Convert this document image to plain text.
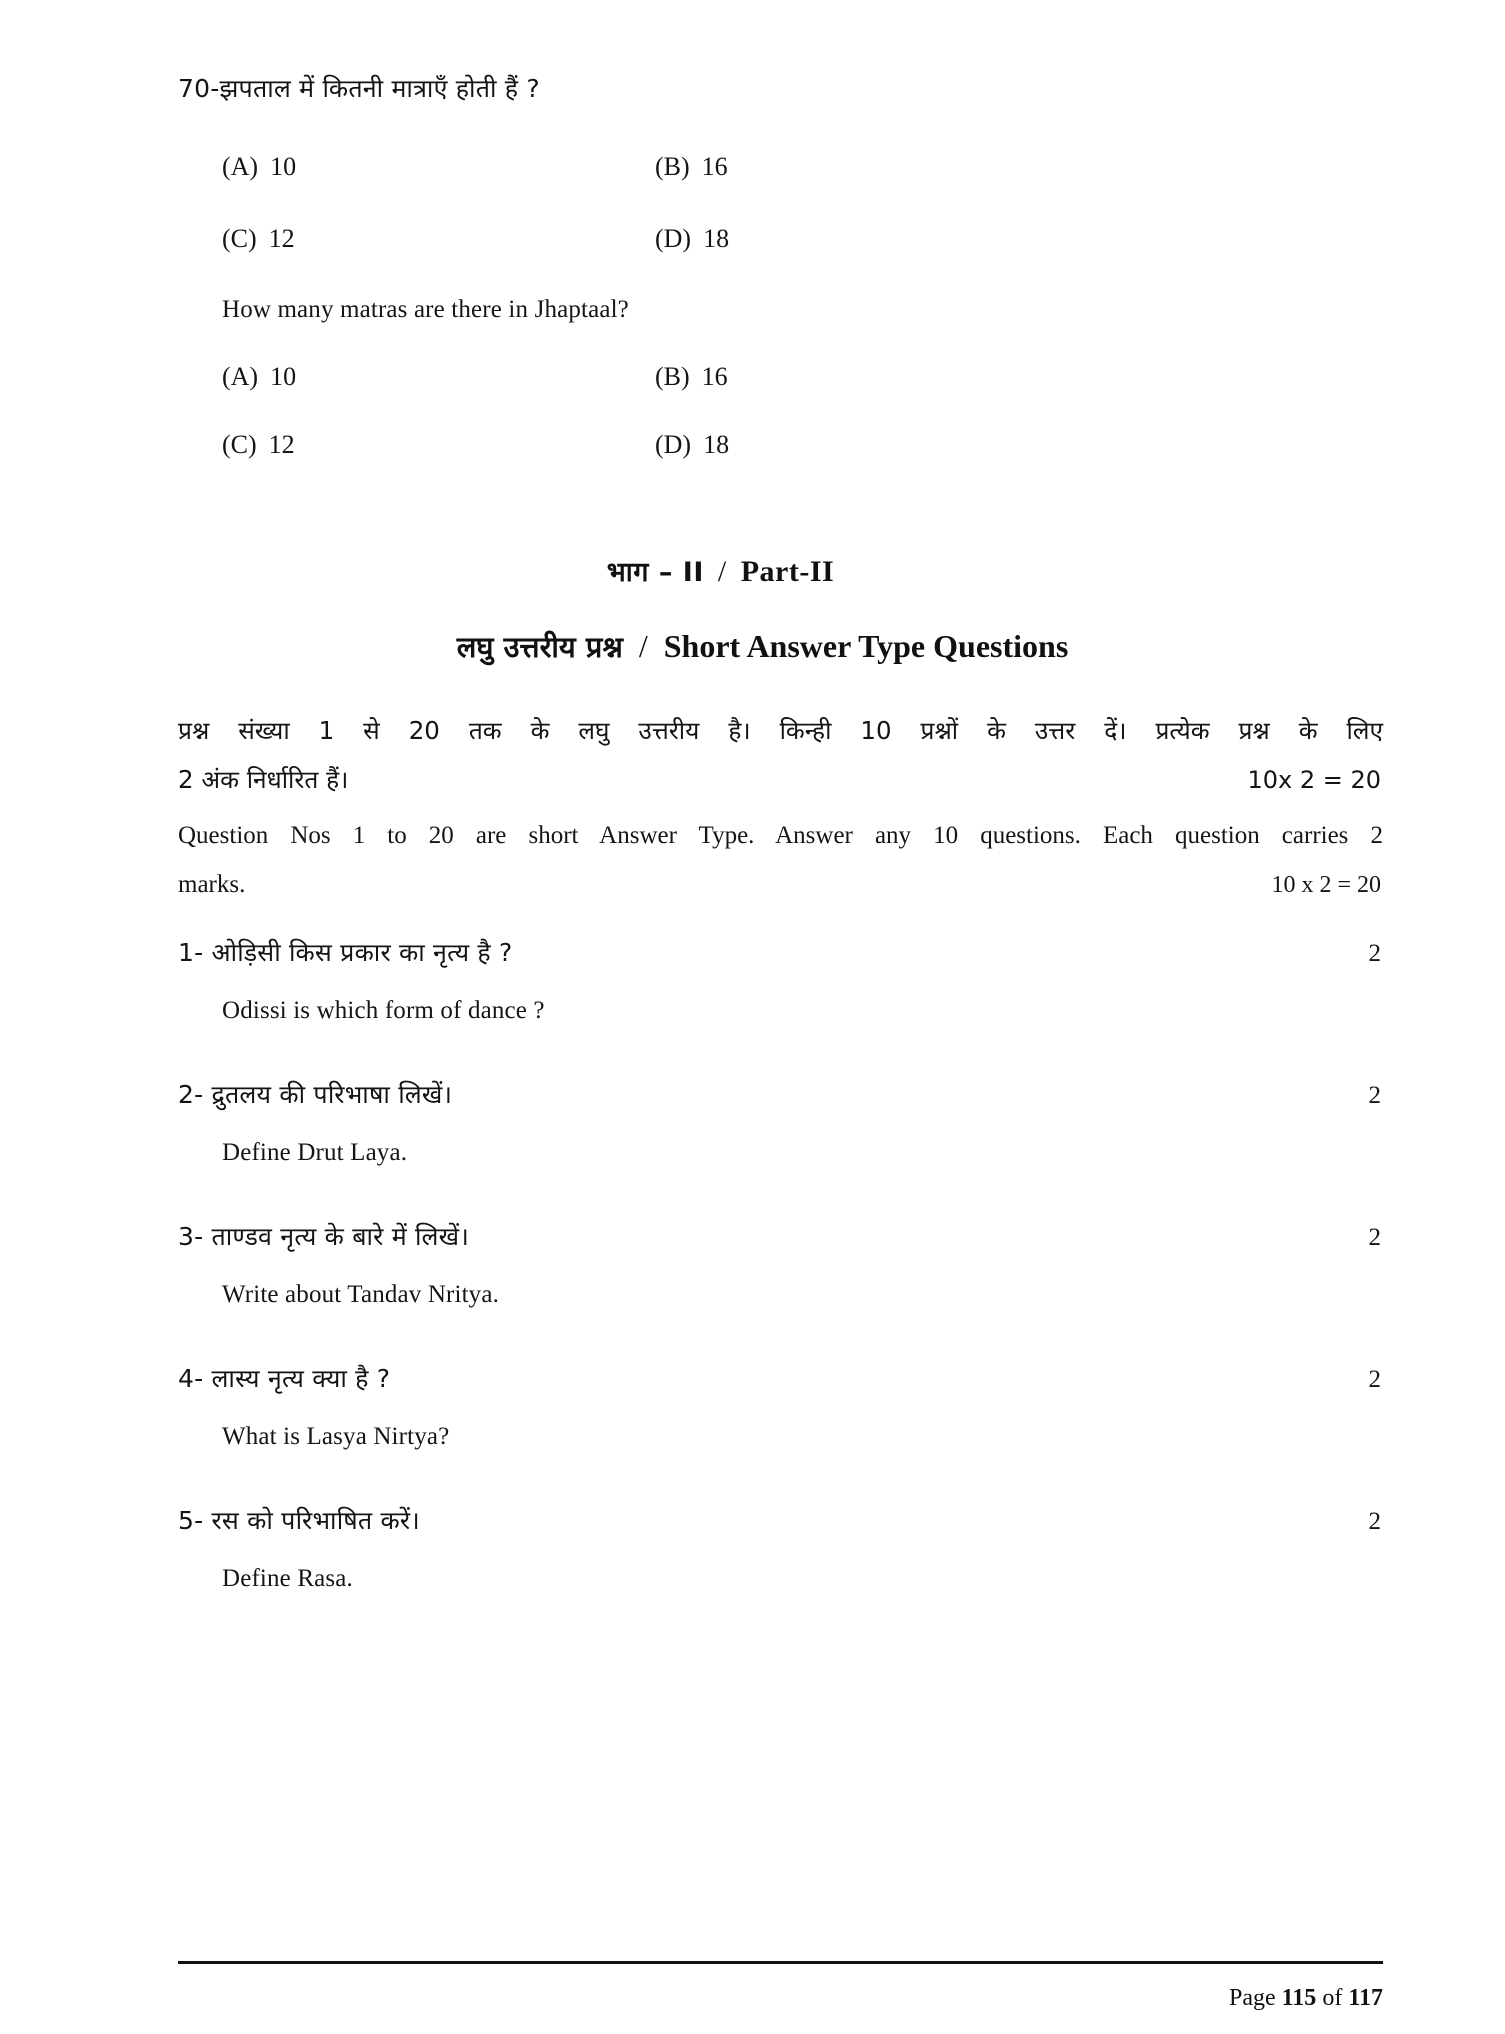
70-झपताल में कितनी मात्राएँ होती हैं ?

(A) 10	(B) 16
(C) 12	(D) 18

How many matras are there in Jhaptaal?

(A) 10	(B) 16
(C) 12	(D) 18
भाग – II / Part-II
लघु उत्तरीय प्रश्न / Short Answer Type Questions
प्रश्न संख्या 1 से 20 तक के लघु उत्तरीय है। किन्ही 10 प्रश्नों के उत्तर दें। प्रत्येक प्रश्न के लिए
2 अंक निर्धारित हैं।	10x 2 = 20
Question Nos 1 to 20 are short Answer Type. Answer any 10 questions. Each question carries 2
marks.	10 x 2 = 20
1- ओड़िसी किस प्रकार का नृत्य है ?	2
Odissi is which form of dance ?
2- द्रुतलय की परिभाषा लिखें।	2
Define Drut Laya.
3- ताण्डव नृत्य के बारे में लिखें।	2
Write about Tandav Nritya.
4- लास्य नृत्य क्या है ?	2
What is Lasya Nirtya?
5- रस को परिभाषित करें।	2
Define Rasa.
Page 115 of 117
